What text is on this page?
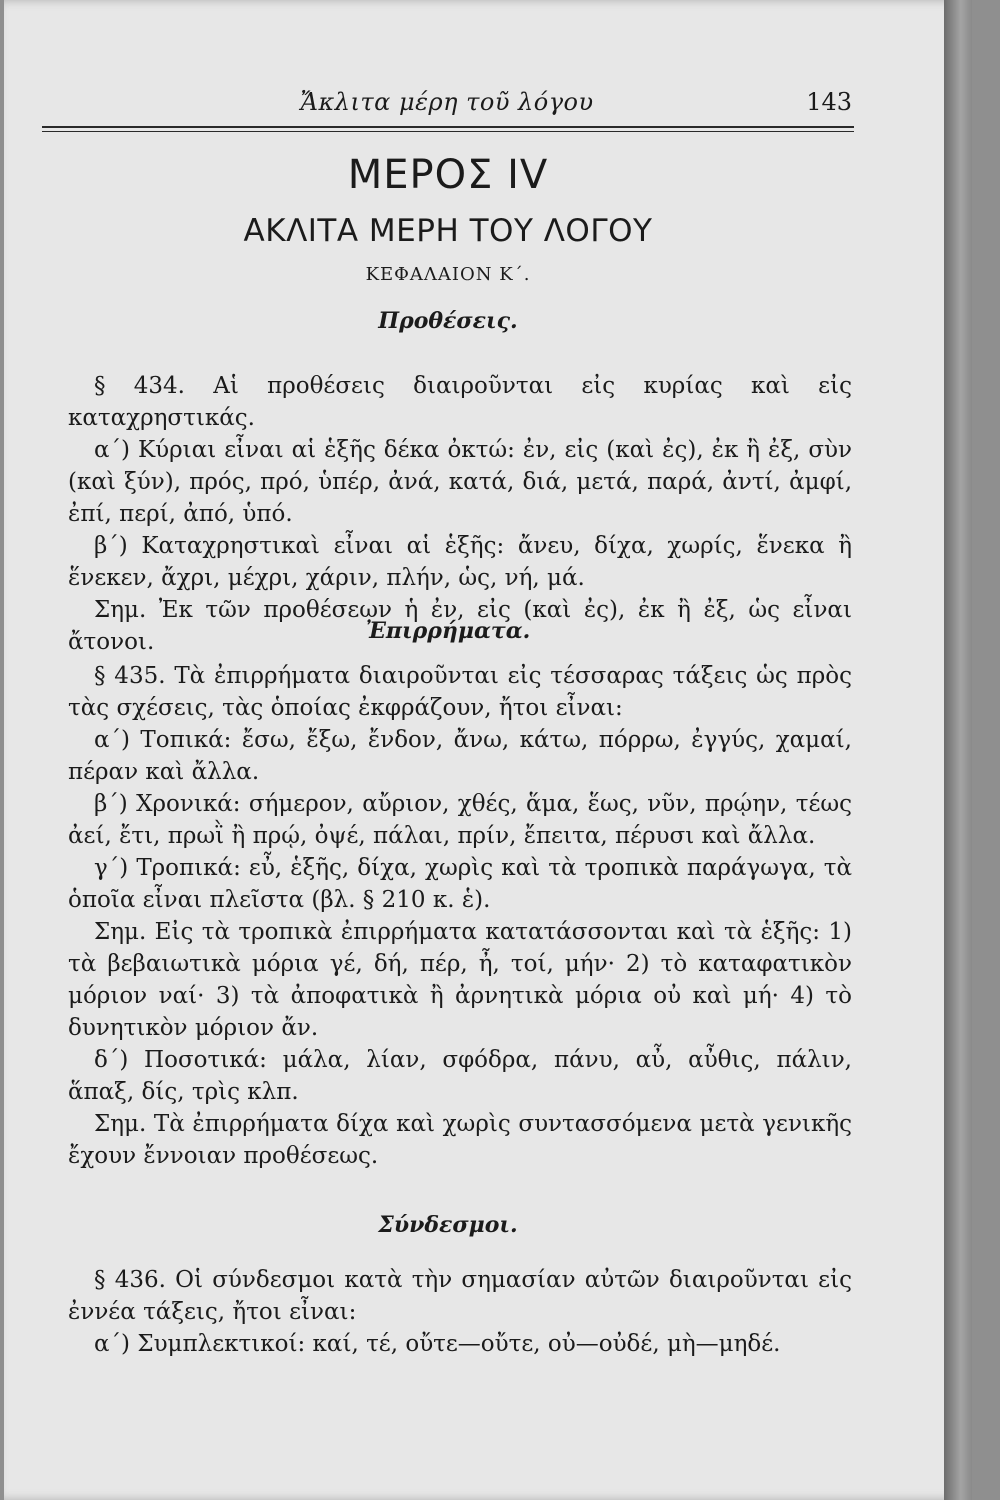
Ἄκλιτα μέρη τοῦ λόγου	143
ΜΕΡΟΣ IV
ΑΚΛΙΤΑ ΜΕΡΗ ΤΟΥ ΛΟΓΟΥ
ΚΕΦΑΛΑΙΟΝ Κ΄.
Προθέσεις.

§ 434. Αἱ προθέσεις διαιροῦνται εἰς κυρίας καὶ εἰς καταχρηστικάς.

α΄) Κύριαι εἶναι αἱ ἑξῆς δέκα ὀκτώ: ἐν, εἰς (καὶ ἐς), ἐκ ἢ ἐξ, σὺν (καὶ ξύν), πρός, πρό, ὑπέρ, ἀνά, κατά, διά, μετά, παρά, ἀντί, ἀμφί, ἐπί, περί, ἀπό, ὑπό.

β΄) Καταχρηστικαὶ εἶναι αἱ ἑξῆς: ἄνευ, δίχα, χωρίς, ἕνεκα ἢ ἕνεκεν, ἄχρι, μέχρι, χάριν, πλήν, ὡς, νή, μά.

Σημ. Ἐκ τῶν προθέσεων ἡ ἐν, εἰς (καὶ ἐς), ἐκ ἢ ἐξ, ὡς εἶναι ἄτονοι.	Ἐπιρρήματα.

§ 435. Τὰ ἐπιρρήματα διαιροῦνται εἰς τέσσαρας τάξεις ὡς πρὸς τὰς σχέσεις, τὰς ὁποίας ἐκφράζουν, ἤτοι εἶναι:

α΄) Τοπικά: ἔσω, ἔξω, ἔνδον, ἄνω, κάτω, πόρρω, ἐγγύς, χαμαί, πέραν καὶ ἄλλα.

β΄) Χρονικά: σήμερον, αὔριον, χθές, ἅμα, ἕως, νῦν, πρῴην, τέως ἀεί, ἔτι, πρωῒ ἢ πρῴ, ὀψέ, πάλαι, πρίν, ἔπειτα, πέρυσι καὶ ἄλλα.

γ΄) Τροπικά: εὖ, ἑξῆς, δίχα, χωρὶς καὶ τὰ τροπικὰ παράγωγα, τὰ ὁποῖα εἶναι πλεῖστα (βλ. § 210 κ. ἑ).

Σημ. Εἰς τὰ τροπικὰ ἐπιρρήματα κατατάσσονται καὶ τὰ ἑξῆς: 1) τὰ βεβαιωτικὰ μόρια γέ, δή, πέρ, ἦ, τοί, μήν· 2) τὸ καταφατικὸν μόριον ναί· 3) τὰ ἀποφατικὰ ἢ ἀρνητικὰ μόρια οὐ καὶ μή· 4) τὸ δυνητικὸν μόριον ἄν.

δ΄) Ποσοτικά: μάλα, λίαν, σφόδρα, πάνυ, αὖ, αὖθις, πάλιν, ἅπαξ, δίς, τρὶς κλπ.

Σημ. Τὰ ἐπιρρήματα δίχα καὶ χωρὶς συντασσόμενα μετὰ γενικῆς ἔχουν ἔννοιαν προθέσεως.

Σύνδεσμοι.

§ 436. Οἱ σύνδεσμοι κατὰ τὴν σημασίαν αὐτῶν διαιροῦνται εἰς ἐννέα τάξεις, ἤτοι εἶναι:

α΄) Συμπλεκτικοί: καί, τέ, οὔτε—οὔτε, οὐ—οὐδέ, μὴ—μηδέ.
